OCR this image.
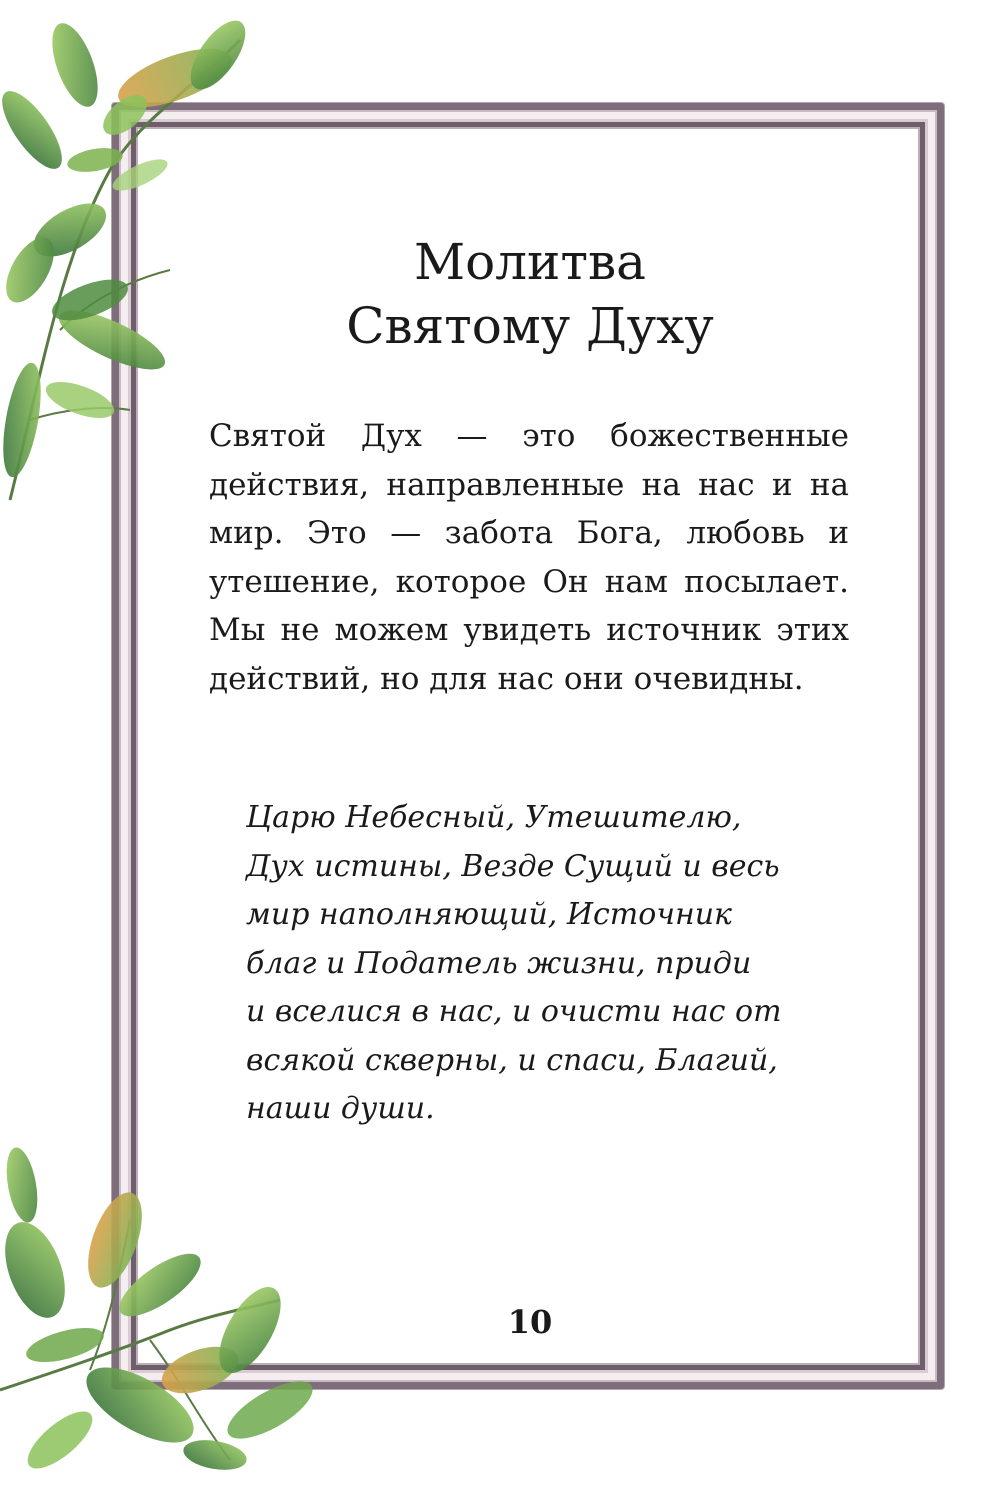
Молитва
Святому Духу

Святой Дух — это божественные действия, направленные на нас и на мир. Это — забота Бога, любовь и утешение, которое Он нам посылает. Мы не можем увидеть источник этих действий, но для нас они очевидны.

Царю Небесный, Утешителю,
Дух истины, Везде Сущий и весь
мир наполняющий, Источник
благ и Податель жизни, приди
и вселися в нас, и очисти нас от
всякой скверны, и спаси, Благий,
наши души.
10
